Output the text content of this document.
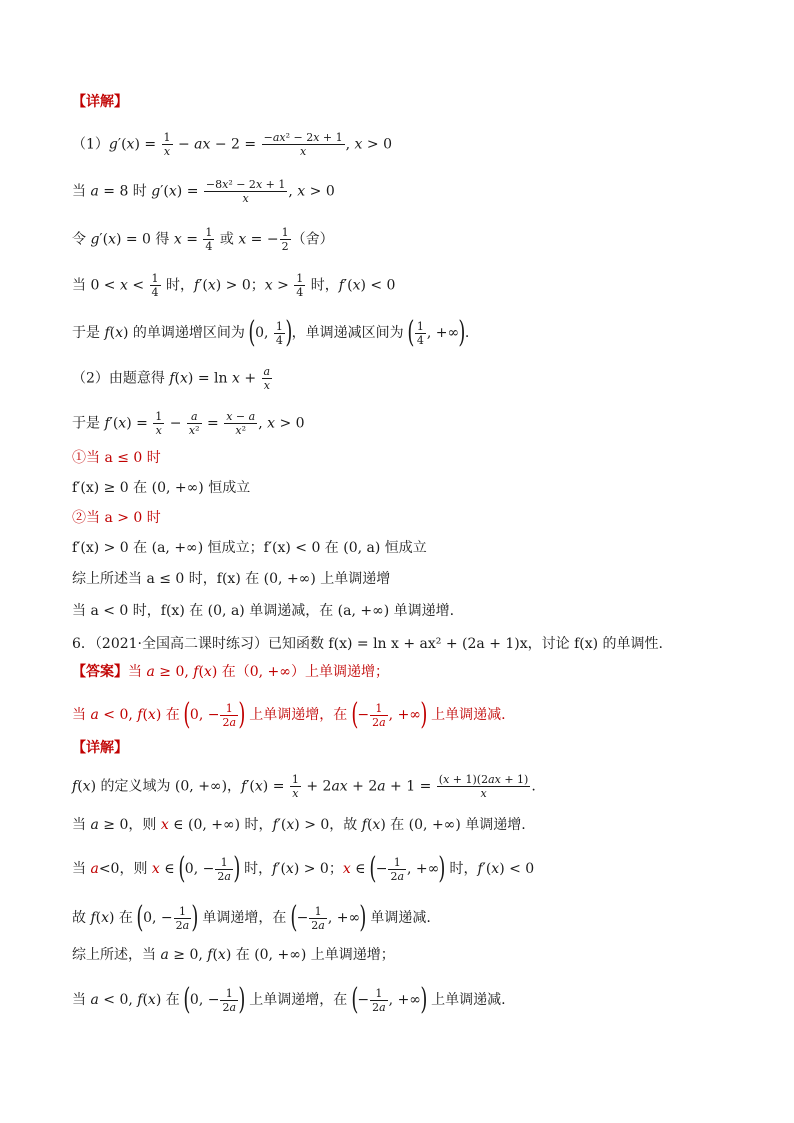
【详解】
$(1)g'(x) = \frac{1}{x}$ − ax − $2 = \frac{\text{−ax² − 2x + 1}}{x}$ , x > 0
当 a = 8 时 $g'(x) = \frac{\text{−8x² − 2x + 1}}{x}$ , x > 0
令 g′(x) = 0 得 $x = \frac{1}{4}$ 或 x = − $\frac{1}{2}$ （舍）
当 $0 < x < \frac{1}{4}$ 时，f′(x) > 0；$x > \frac{1}{4}$ 时，f′(x) < 0
于是 f(x) 的单调递增区间为 (0, $\frac{1}{4}$ )，单调递减区间为 ( $\frac{1}{4}$ , +∞).
（2）由题意得 $f(x) = \ln x + \frac{a}{x}$
于是 $f'(x) = \frac{1}{x} - \frac{a}{\text{x²}} = \frac{x - a}{\text{x²}}$ , x > 0
①当 a ≤ 0 时
f′(x) ≥ 0 在 (0, +∞) 恒成立
②当 a > 0 时
f′(x) > 0 在 (a, +∞) 恒成立；f′(x) < 0 在 (0, a) 恒成立
综上所述当 a ≤ 0 时，f(x) 在 (0, +∞) 上单调递增
当 a < 0 时，f(x) 在 (0, a) 单调递减，在 (a, +∞) 单调递增.
6．（2021·全国高二课时练习）已知函数 f(x) = ln x + ax² + (2a + 1)x，讨论 f(x) 的单调性.
【答案】当 a ≥ 0, f(x) 在（0, +∞）上单调递增；
当 a < 0, f(x) 在 (0, − $\frac{1}{2a}$ ) 上单调递增，在 (− $\frac{1}{2a}$ , +∞) 上单调递减.
【详解】
f(x) 的定义域为 (0, +∞)，$f'(x) = \frac{1}{x} + 2ax + 2a + 1 = \frac{(x + 1)(2ax + 1)}{x}$ .
当 a ≥ 0，则 x ∈ (0, +∞) 时，f′(x) > 0，故 f(x) 在 (0, +∞) 单调递增.
当 a<0，则 x ∈ (0, − $\frac{1}{2a}$ ) 时，f′(x) > 0；x ∈ (− $\frac{1}{2a}$ , +∞) 时，f′(x) < 0
故 f(x) 在 (0, − $\frac{1}{2a}$ ) 单调递增，在 (− $\frac{1}{2a}$ , +∞) 单调递减.
综上所述，当 a ≥ 0, f(x) 在 (0, +∞) 上单调递增；
当 a < 0, f(x) 在 (0, − $\frac{1}{2a}$ ) 上单调递增，在 (− $\frac{1}{2a}$ , +∞) 上单调递减.
